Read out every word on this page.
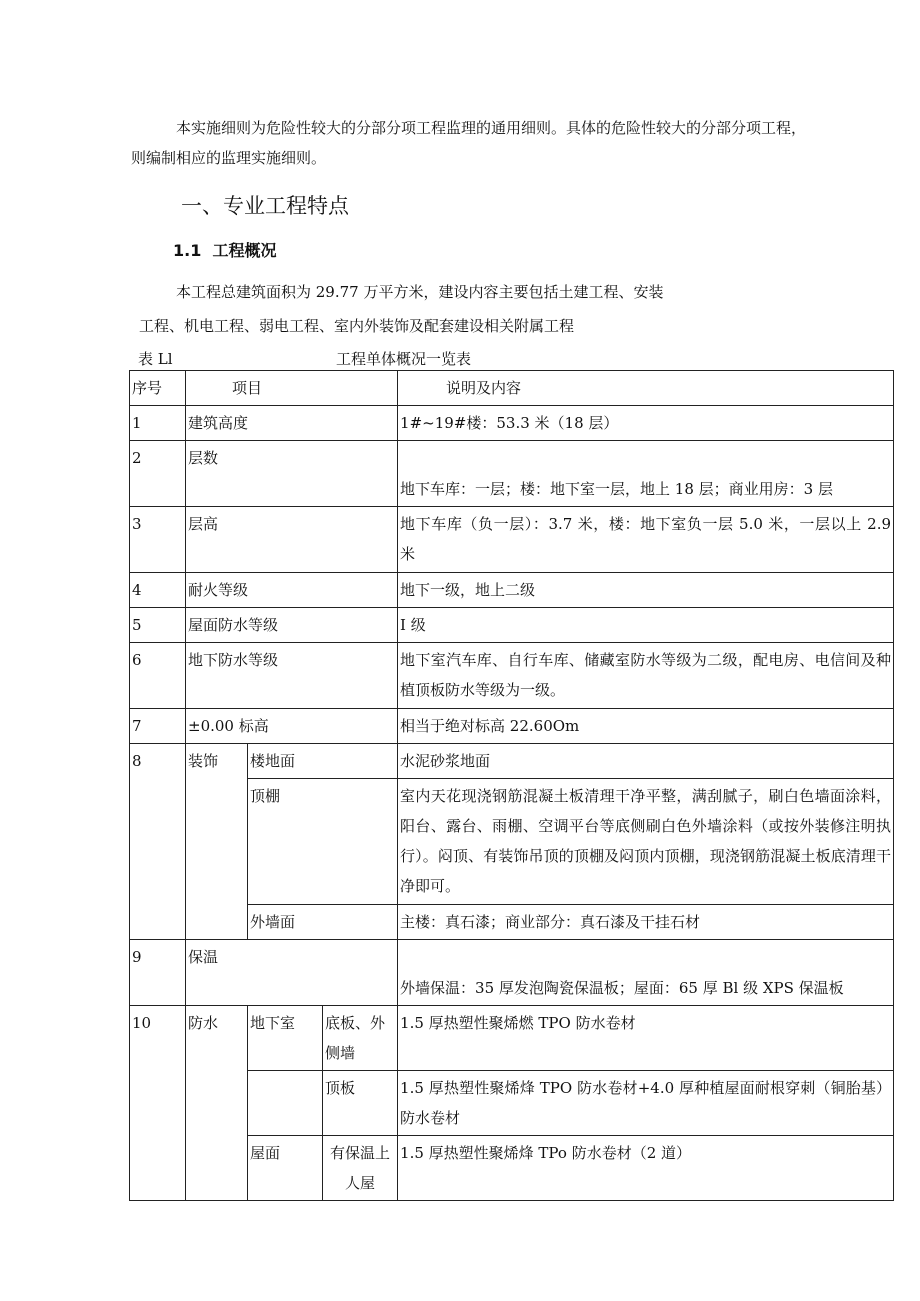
本实施细则为危险性较大的分部分项工程监理的通用细则。具体的危险性较大的分部分项工程，
则编制相应的监理实施细则。
一、专业工程特点
1.1 工程概况
本工程总建筑面积为 29.77 万平方米，建设内容主要包括土建工程、安装
工程、机电工程、弱电工程、室内外装饰及配套建设相关附属工程
表 Ll	工程单体概况一览表
序号	项目			说明及内容
1	建筑高度			1#~19#楼：53.3 米（18 层）
2	层数			地下车库：一层；楼：地下室一层，地上 18 层；商业用房：3 层
3	层高			地下车库（负一层）：3.7 米，楼：地下室负一层 5.0 米，一层以上 2.9 米
4	耐火等级			地下一级，地上二级
5	屋面防水等级			I 级
6	地下防水等级			地下室汽车库、自行车库、储藏室防水等级为二级，配电房、电信间及种植顶板防水等级为一级。
7	±0.00 标高			相当于绝对标高 22.60Om
8	装饰	楼地面		水泥砂浆地面
		顶棚		室内天花现浇钢筋混凝土板清理干净平整，满刮腻子，刷白色墙面涂料，阳台、露台、雨棚、空调平台等底侧刷白色外墙涂料（或按外装修注明执行）。闷顶、有装饰吊顶的顶棚及闷顶内顶棚，现浇钢筋混凝土板底清理干净即可。
		外墙面		主楼：真石漆；商业部分：真石漆及干挂石材
9	保温			外墙保温：35 厚发泡陶瓷保温板；屋面：65 厚 Bl 级 XPS 保温板
10	防水	地下室	底板、外侧墙	1.5 厚热塑性聚烯燃 TPO 防水卷材
			顶板	1.5 厚热塑性聚烯烽 TPO 防水卷材+4.0 厚种植屋面耐根穿刺（铜胎基）防水卷材
		屋面	有保温上人屋	1.5 厚热塑性聚烯烽 TPo 防水卷材（2 道）
